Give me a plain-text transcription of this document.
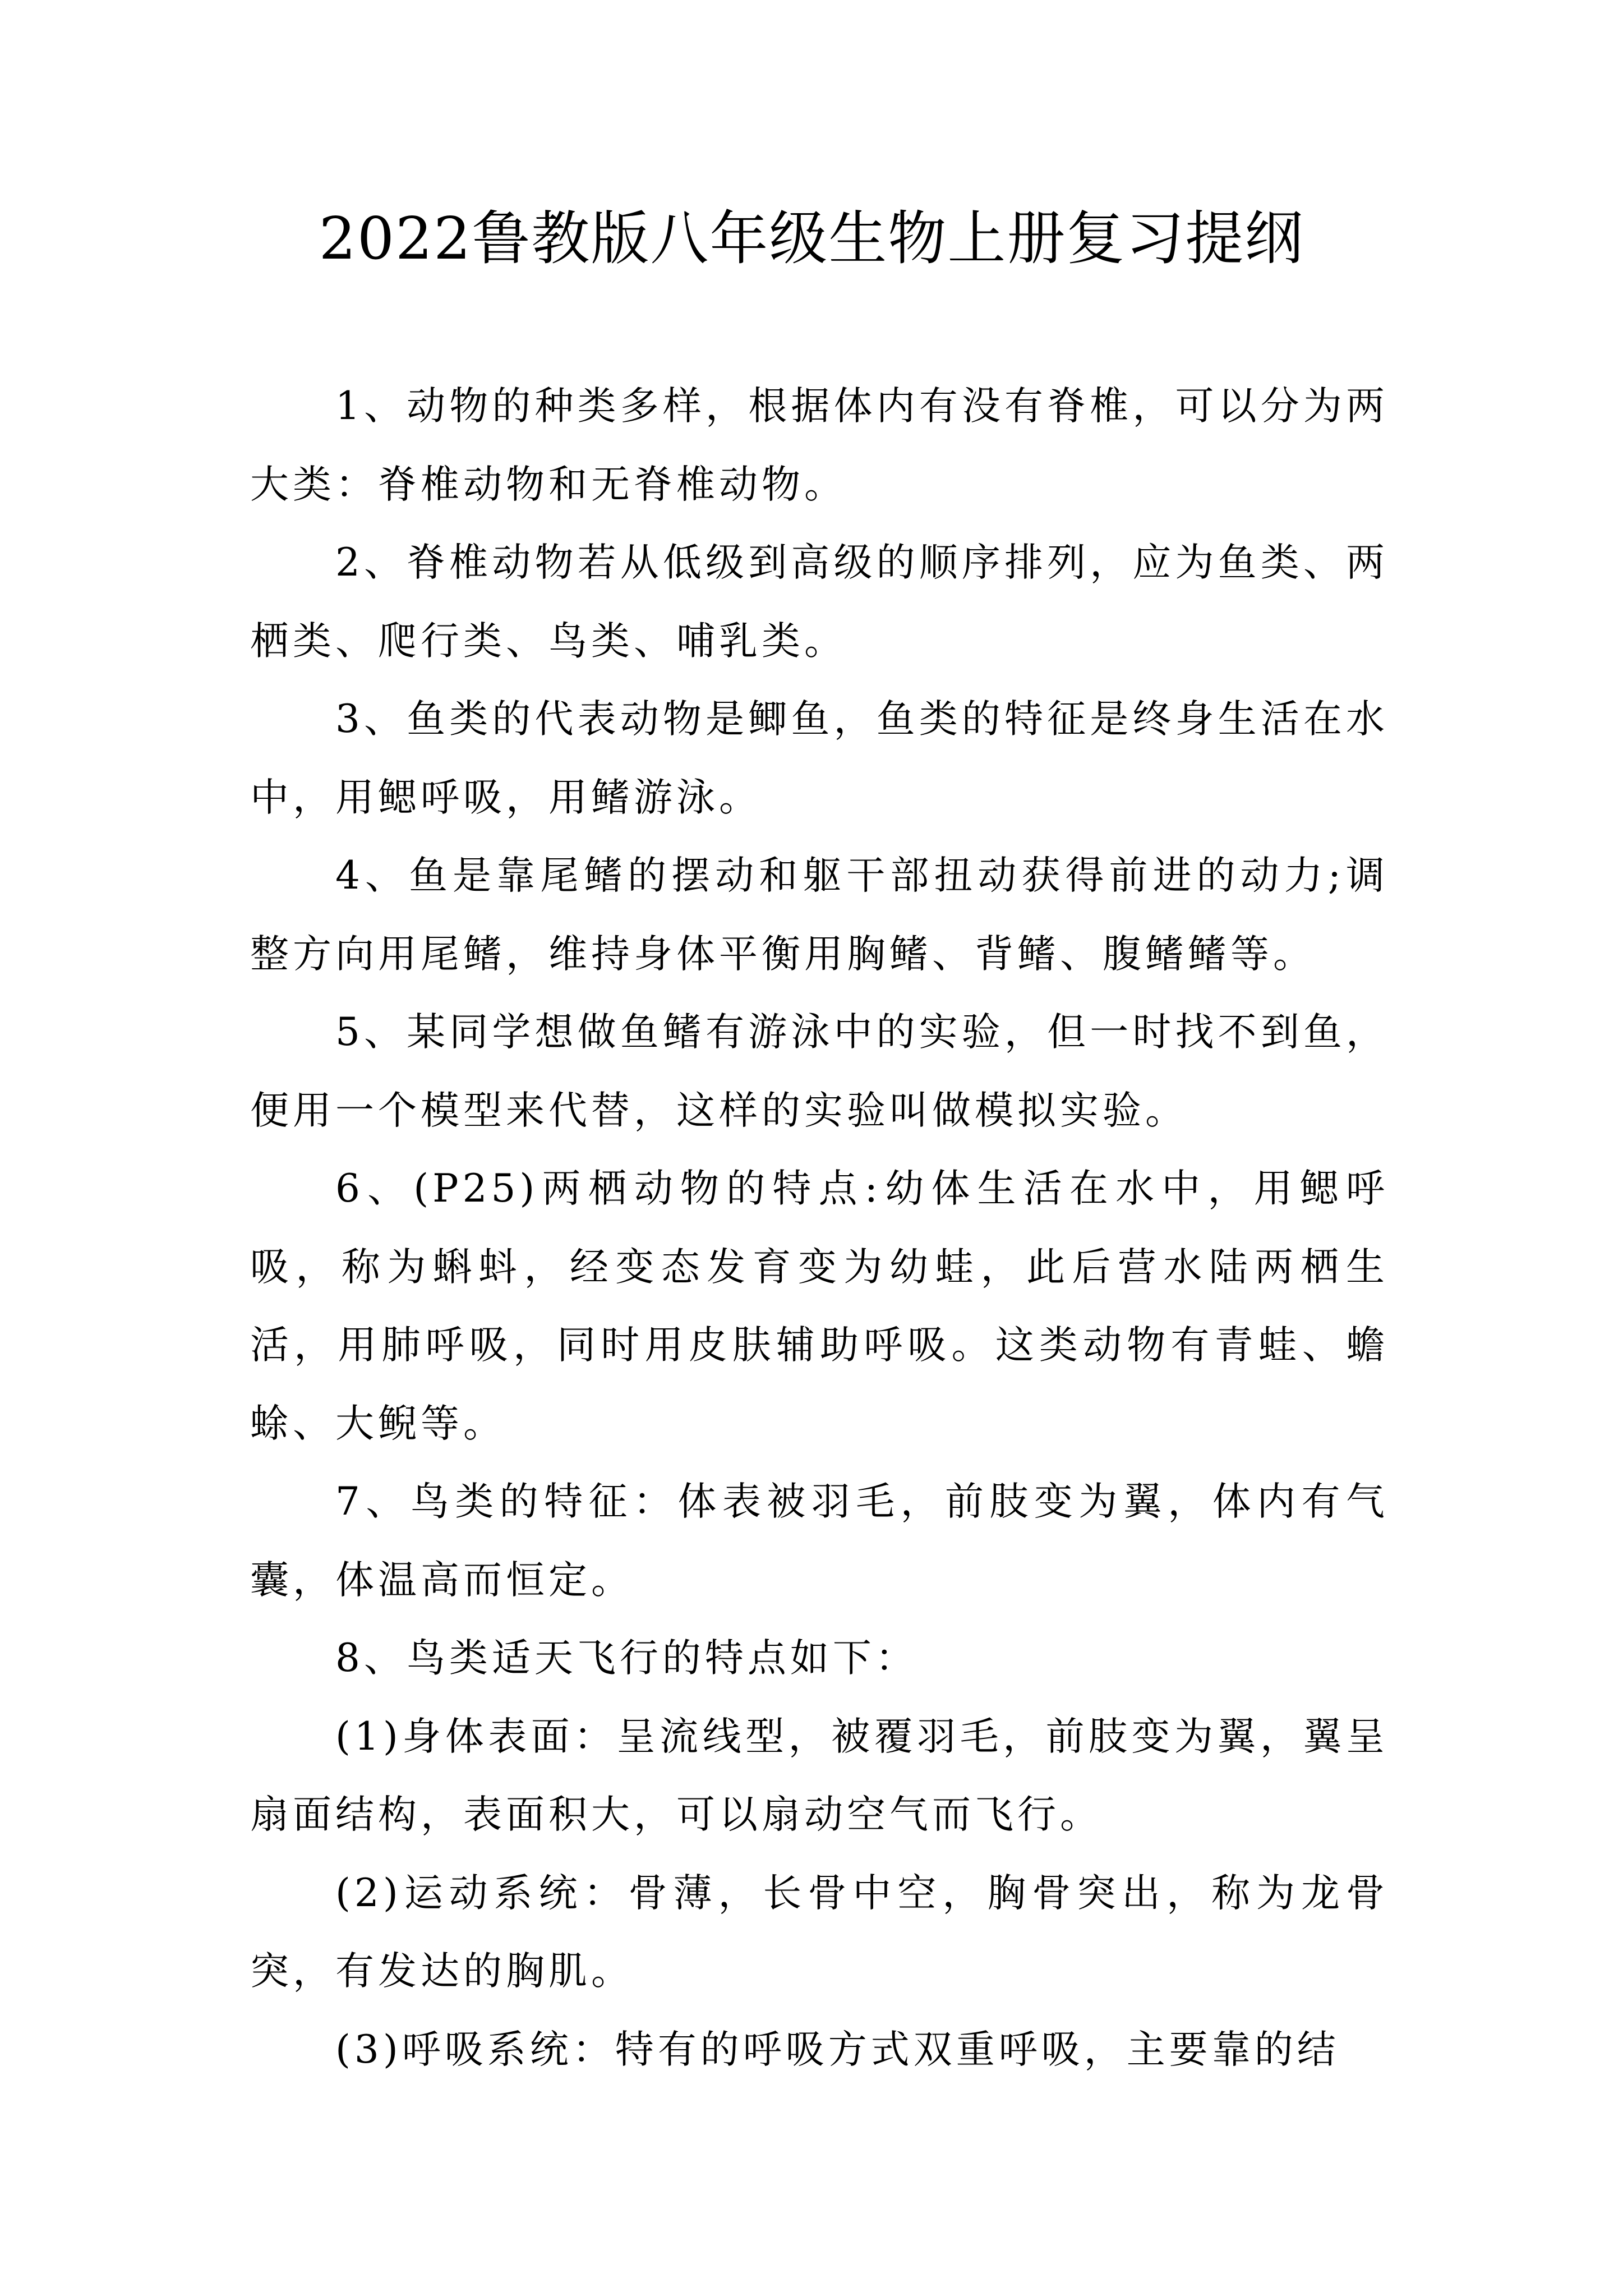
2022鲁教版八年级生物上册复习提纲

1、动物的种类多样，根据体内有没有脊椎，可以分为两大类：脊椎动物和无脊椎动物。

2、脊椎动物若从低级到高级的顺序排列，应为鱼类、两栖类、爬行类、鸟类、哺乳类。

3、鱼类的代表动物是鲫鱼，鱼类的特征是终身生活在水中，用鳃呼吸，用鳍游泳。

4、鱼是靠尾鳍的摆动和躯干部扭动获得前进的动力;调整方向用尾鳍，维持身体平衡用胸鳍、背鳍、腹鳍鳍等。

5、某同学想做鱼鳍有游泳中的实验，但一时找不到鱼，便用一个模型来代替，这样的实验叫做模拟实验。

6、(P25)两栖动物的特点:幼体生活在水中，用鳃呼吸，称为蝌蚪，经变态发育变为幼蛙，此后营水陆两栖生活，用肺呼吸，同时用皮肤辅助呼吸。这类动物有青蛙、蟾蜍、大鲵等。

7、鸟类的特征：体表被羽毛，前肢变为翼，体内有气囊，体温高而恒定。

8、鸟类适天飞行的特点如下：

(1)身体表面：呈流线型，被覆羽毛，前肢变为翼，翼呈扇面结构，表面积大，可以扇动空气而飞行。

(2)运动系统：骨薄，长骨中空，胸骨突出，称为龙骨突，有发达的胸肌。

(3)呼吸系统：特有的呼吸方式双重呼吸，主要靠的结
